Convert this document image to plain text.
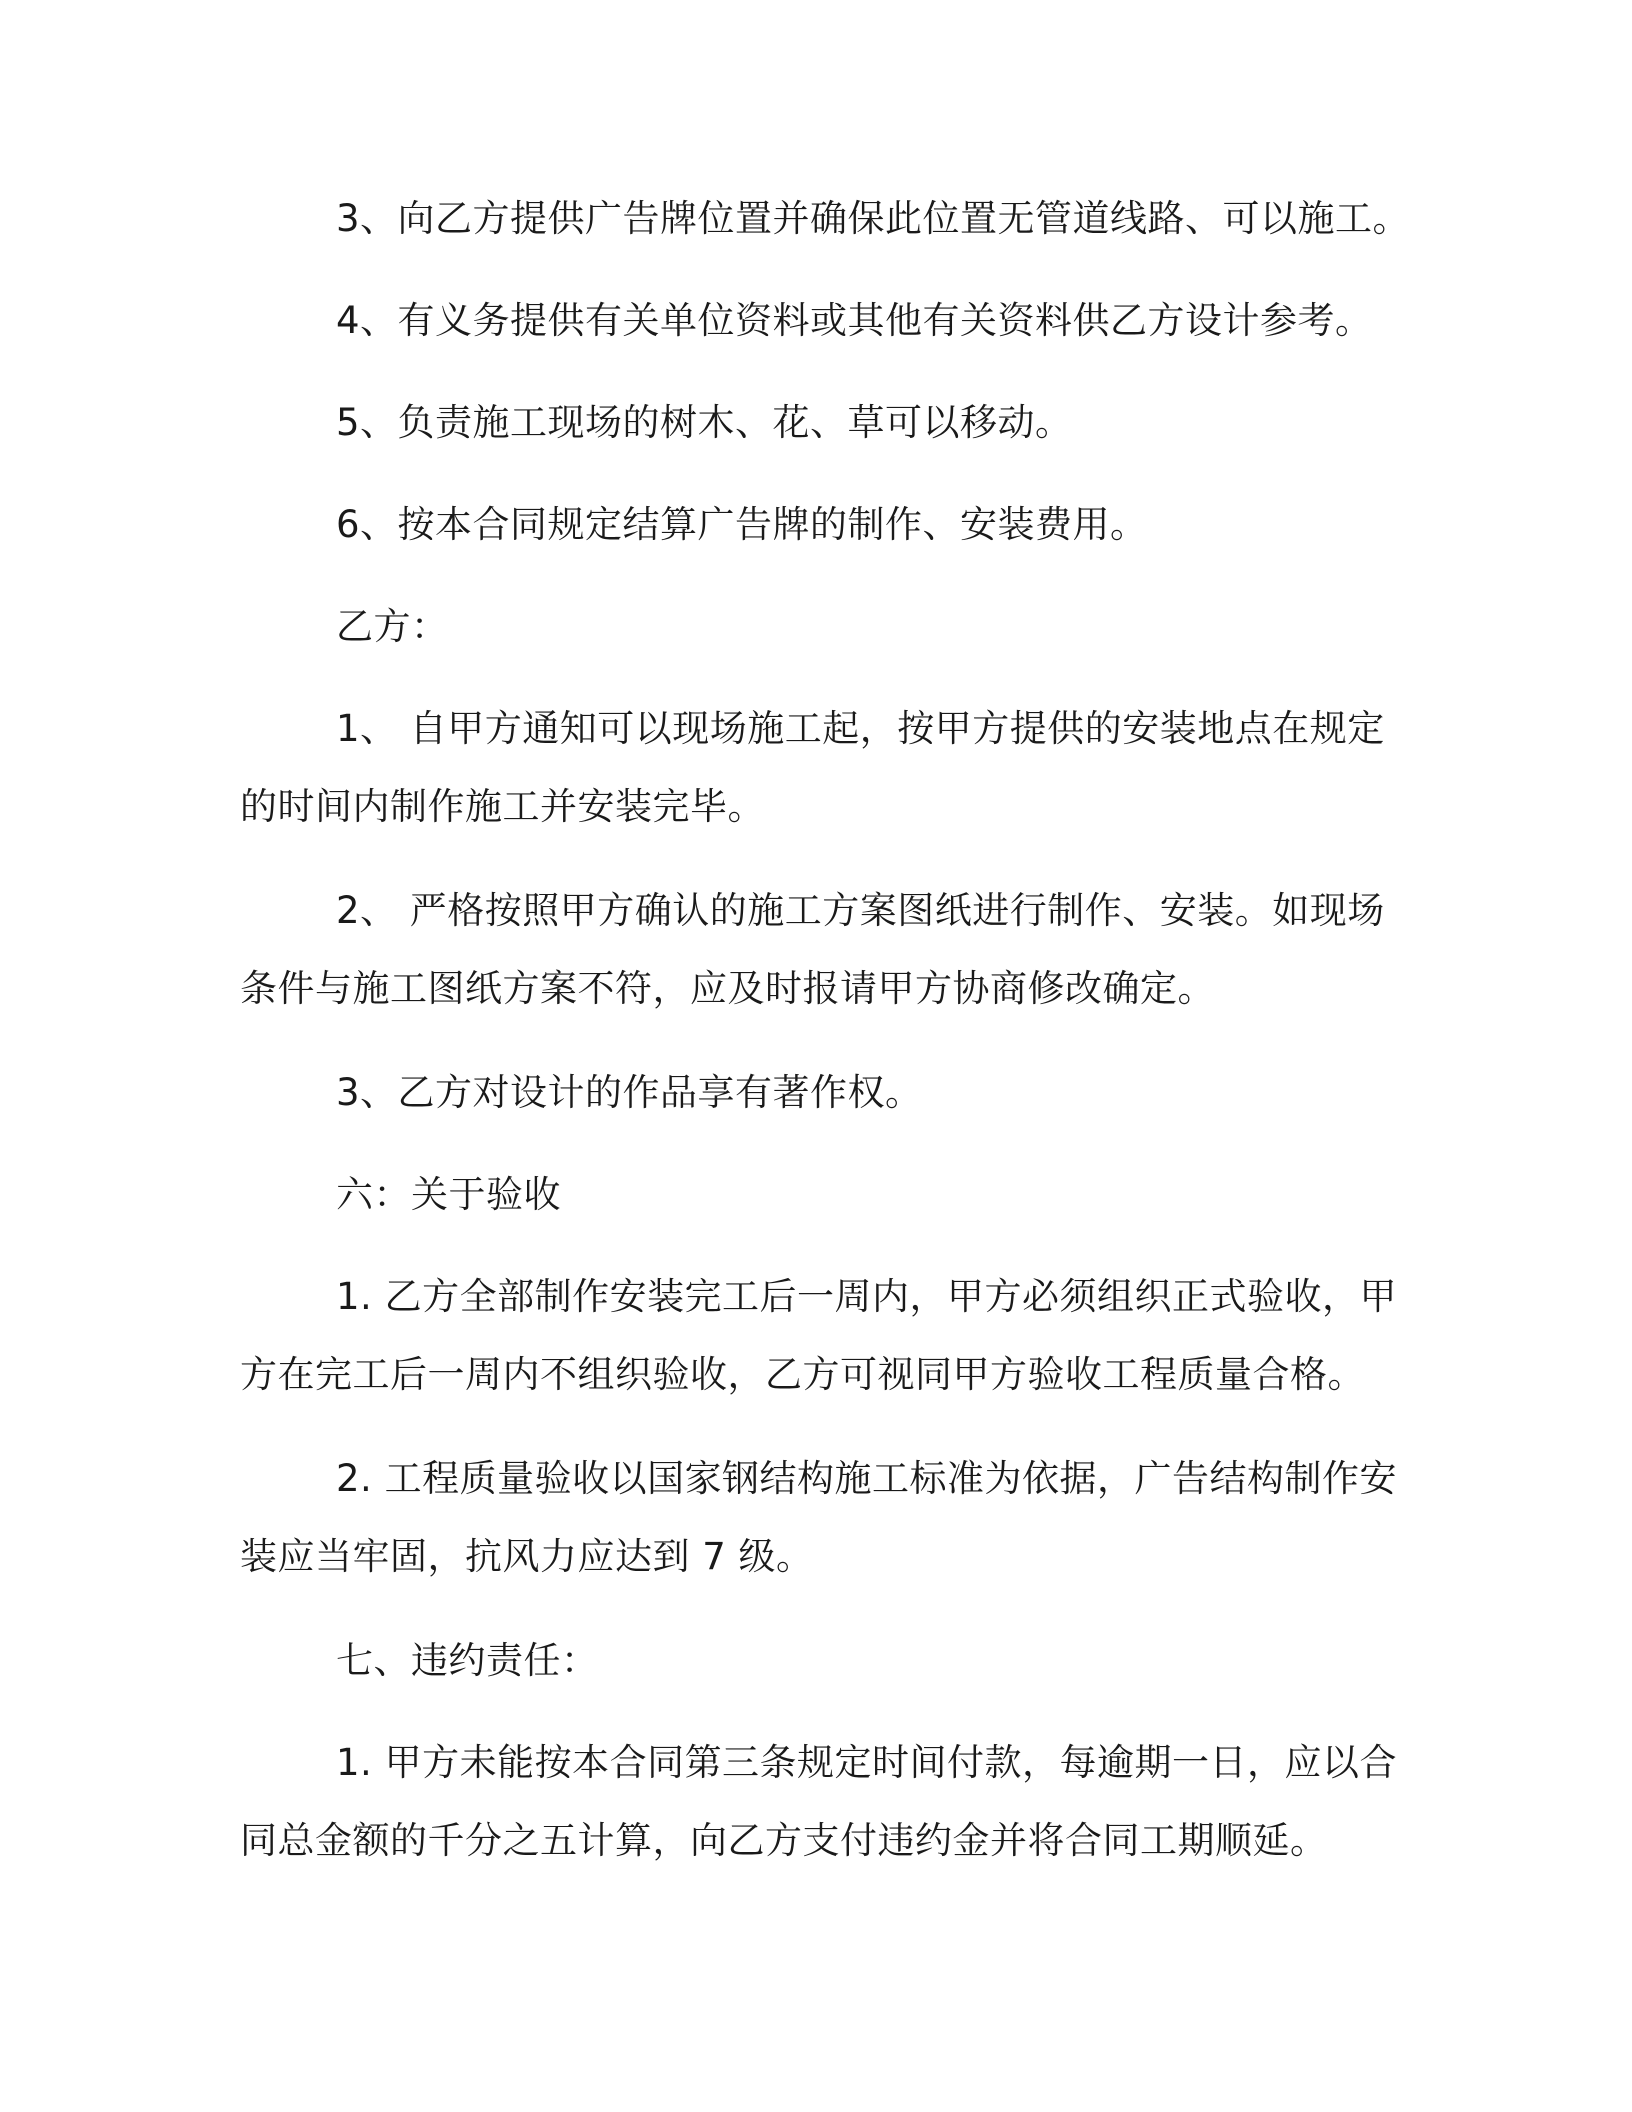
3、向乙方提供广告牌位置并确保此位置无管道线路、可以施工。

4、有义务提供有关单位资料或其他有关资料供乙方设计参考。

5、负责施工现场的树木、花、草可以移动。

6、按本合同规定结算广告牌的制作、安装费用。

乙方：

1、 自甲方通知可以现场施工起，按甲方提供的安装地点在规定
的时间内制作施工并安装完毕。

2、 严格按照甲方确认的施工方案图纸进行制作、安装。如现场
条件与施工图纸方案不符，应及时报请甲方协商修改确定。

3、乙方对设计的作品享有著作权。

六：关于验收

1. 乙方全部制作安装完工后一周内，甲方必须组织正式验收，甲
方在完工后一周内不组织验收，乙方可视同甲方验收工程质量合格。

2. 工程质量验收以国家钢结构施工标准为依据，广告结构制作安
装应当牢固，抗风力应达到 7 级。

七、违约责任：

1. 甲方未能按本合同第三条规定时间付款，每逾期一日，应以合
同总金额的千分之五计算，向乙方支付违约金并将合同工期顺延。
